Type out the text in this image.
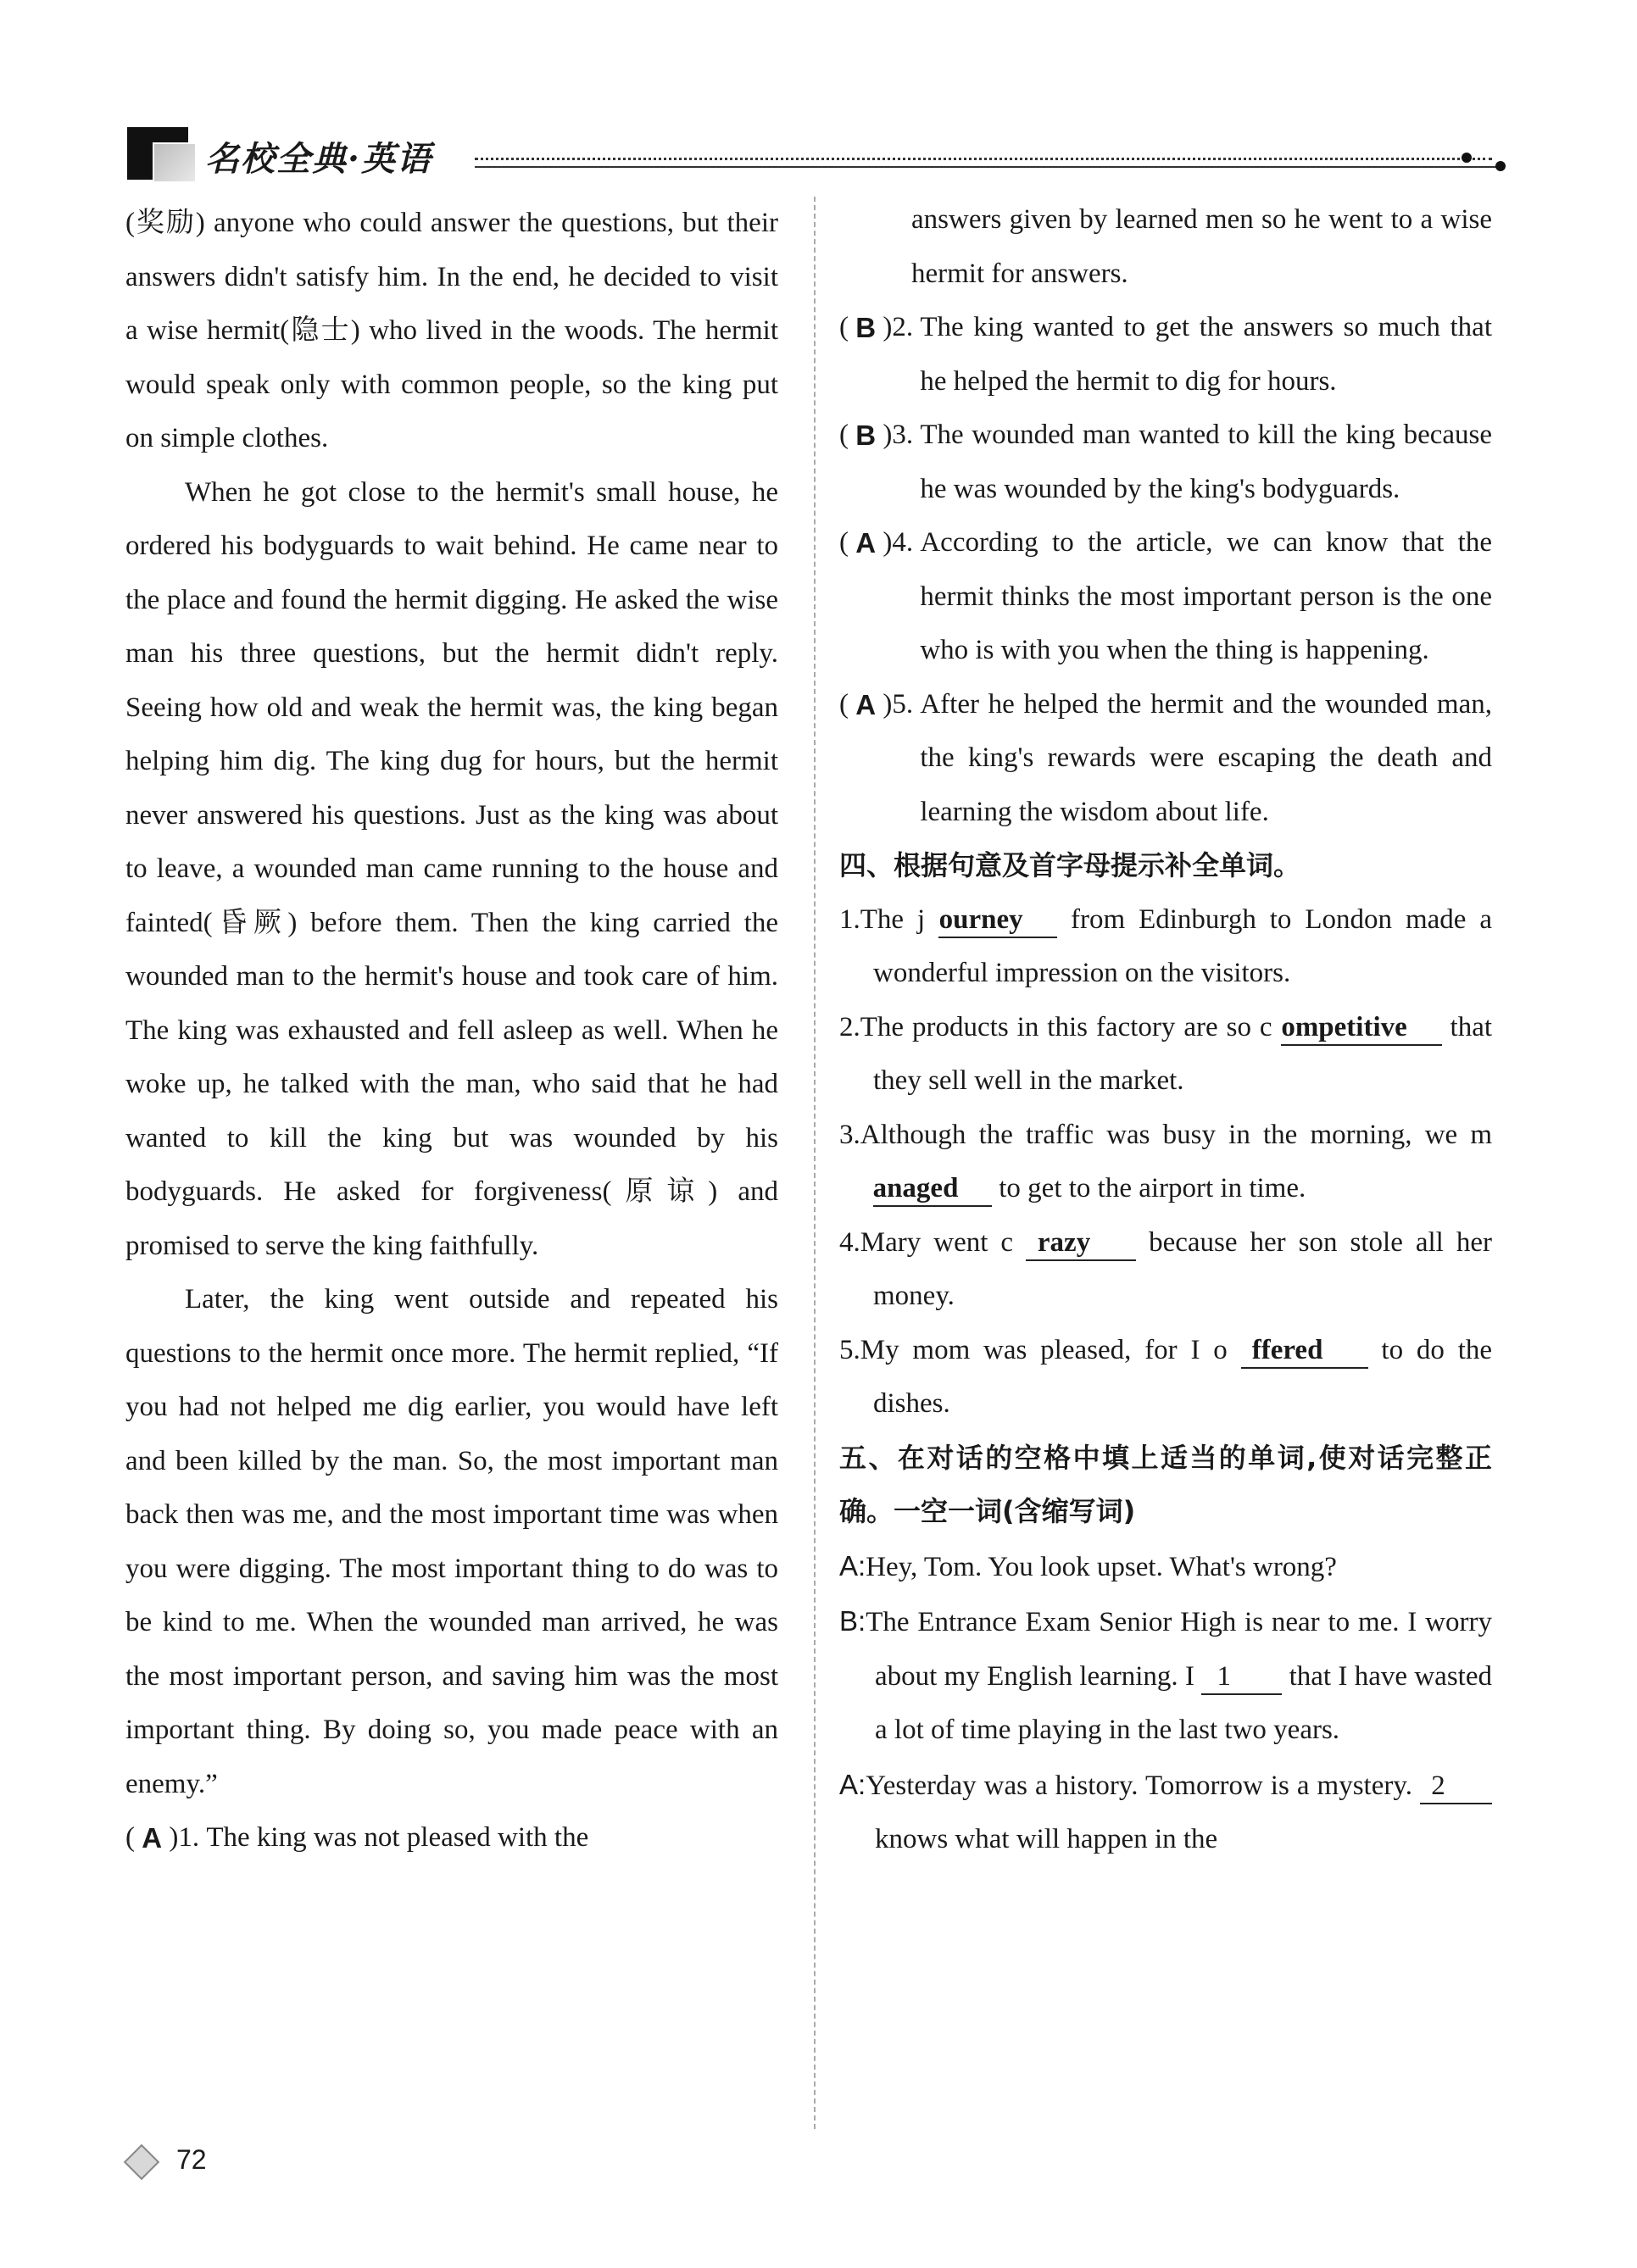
名校全典·英语

(奖励) anyone who could answer the questions, but their answers didn't satisfy him. In the end, he decided to visit a wise hermit(隐士) who lived in the woods. The hermit would speak only with common people, so the king put on simple clothes.

When he got close to the hermit's small house, he ordered his bodyguards to wait behind. He came near to the place and found the hermit digging. He asked the wise man his three questions, but the hermit didn't reply. Seeing how old and weak the hermit was, the king began helping him dig. The king dug for hours, but the hermit never answered his questions. Just as the king was about to leave, a wounded man came running to the house and fainted(昏厥) before them. Then the king carried the wounded man to the hermit's house and took care of him. The king was exhausted and fell asleep as well. When he woke up, he talked with the man, who said that he had wanted to kill the king but was wounded by his bodyguards. He asked for forgiveness(原谅) and promised to serve the king faithfully.

Later, the king went outside and repeated his questions to the hermit once more. The hermit replied, “If you had not helped me dig earlier, you would have left and been killed by the man. So, the most important man back then was me, and the most important time was when you were digging. The most important thing to do was to be kind to me. When the wounded man arrived, he was the most important person, and saving him was the most important thing. By doing so, you made peace with an enemy.”

( A )1. The king was not pleased with the
answers given by learned men so he went to a wise hermit for answers.
( B )2. The king wanted to get the answers so much that he helped the hermit to dig for hours.
( B )3. The wounded man wanted to kill the king because he was wounded by the king's bodyguards.
( A )4. According to the article, we can know that the hermit thinks the most important person is the one who is with you when the thing is happening.
( A )5. After he helped the hermit and the wounded man, the king's rewards were escaping the death and learning the wisdom about life.

四、根据句意及首字母提示补全单词。

1.The j ourney from Edinburgh to London made a wonderful impression on the visitors.

2.The products in this factory are so c ompetitive that they sell well in the market.

3.Although the traffic was busy in the morning, we m anaged to get to the airport in time.

4.Mary went c razy because her son stole all her money.

5.My mom was pleased, for I o ffered to do the dishes.

五、在对话的空格中填上适当的单词,使对话完整正确。一空一词(含缩写词)

A:Hey, Tom. You look upset. What's wrong?

B:The Entrance Exam Senior High is near to me. I worry about my English learning. I 1 that I have wasted a lot of time playing in the last two years.

A:Yesterday was a history. Tomorrow is a mystery. 2 knows what will happen in the

72
